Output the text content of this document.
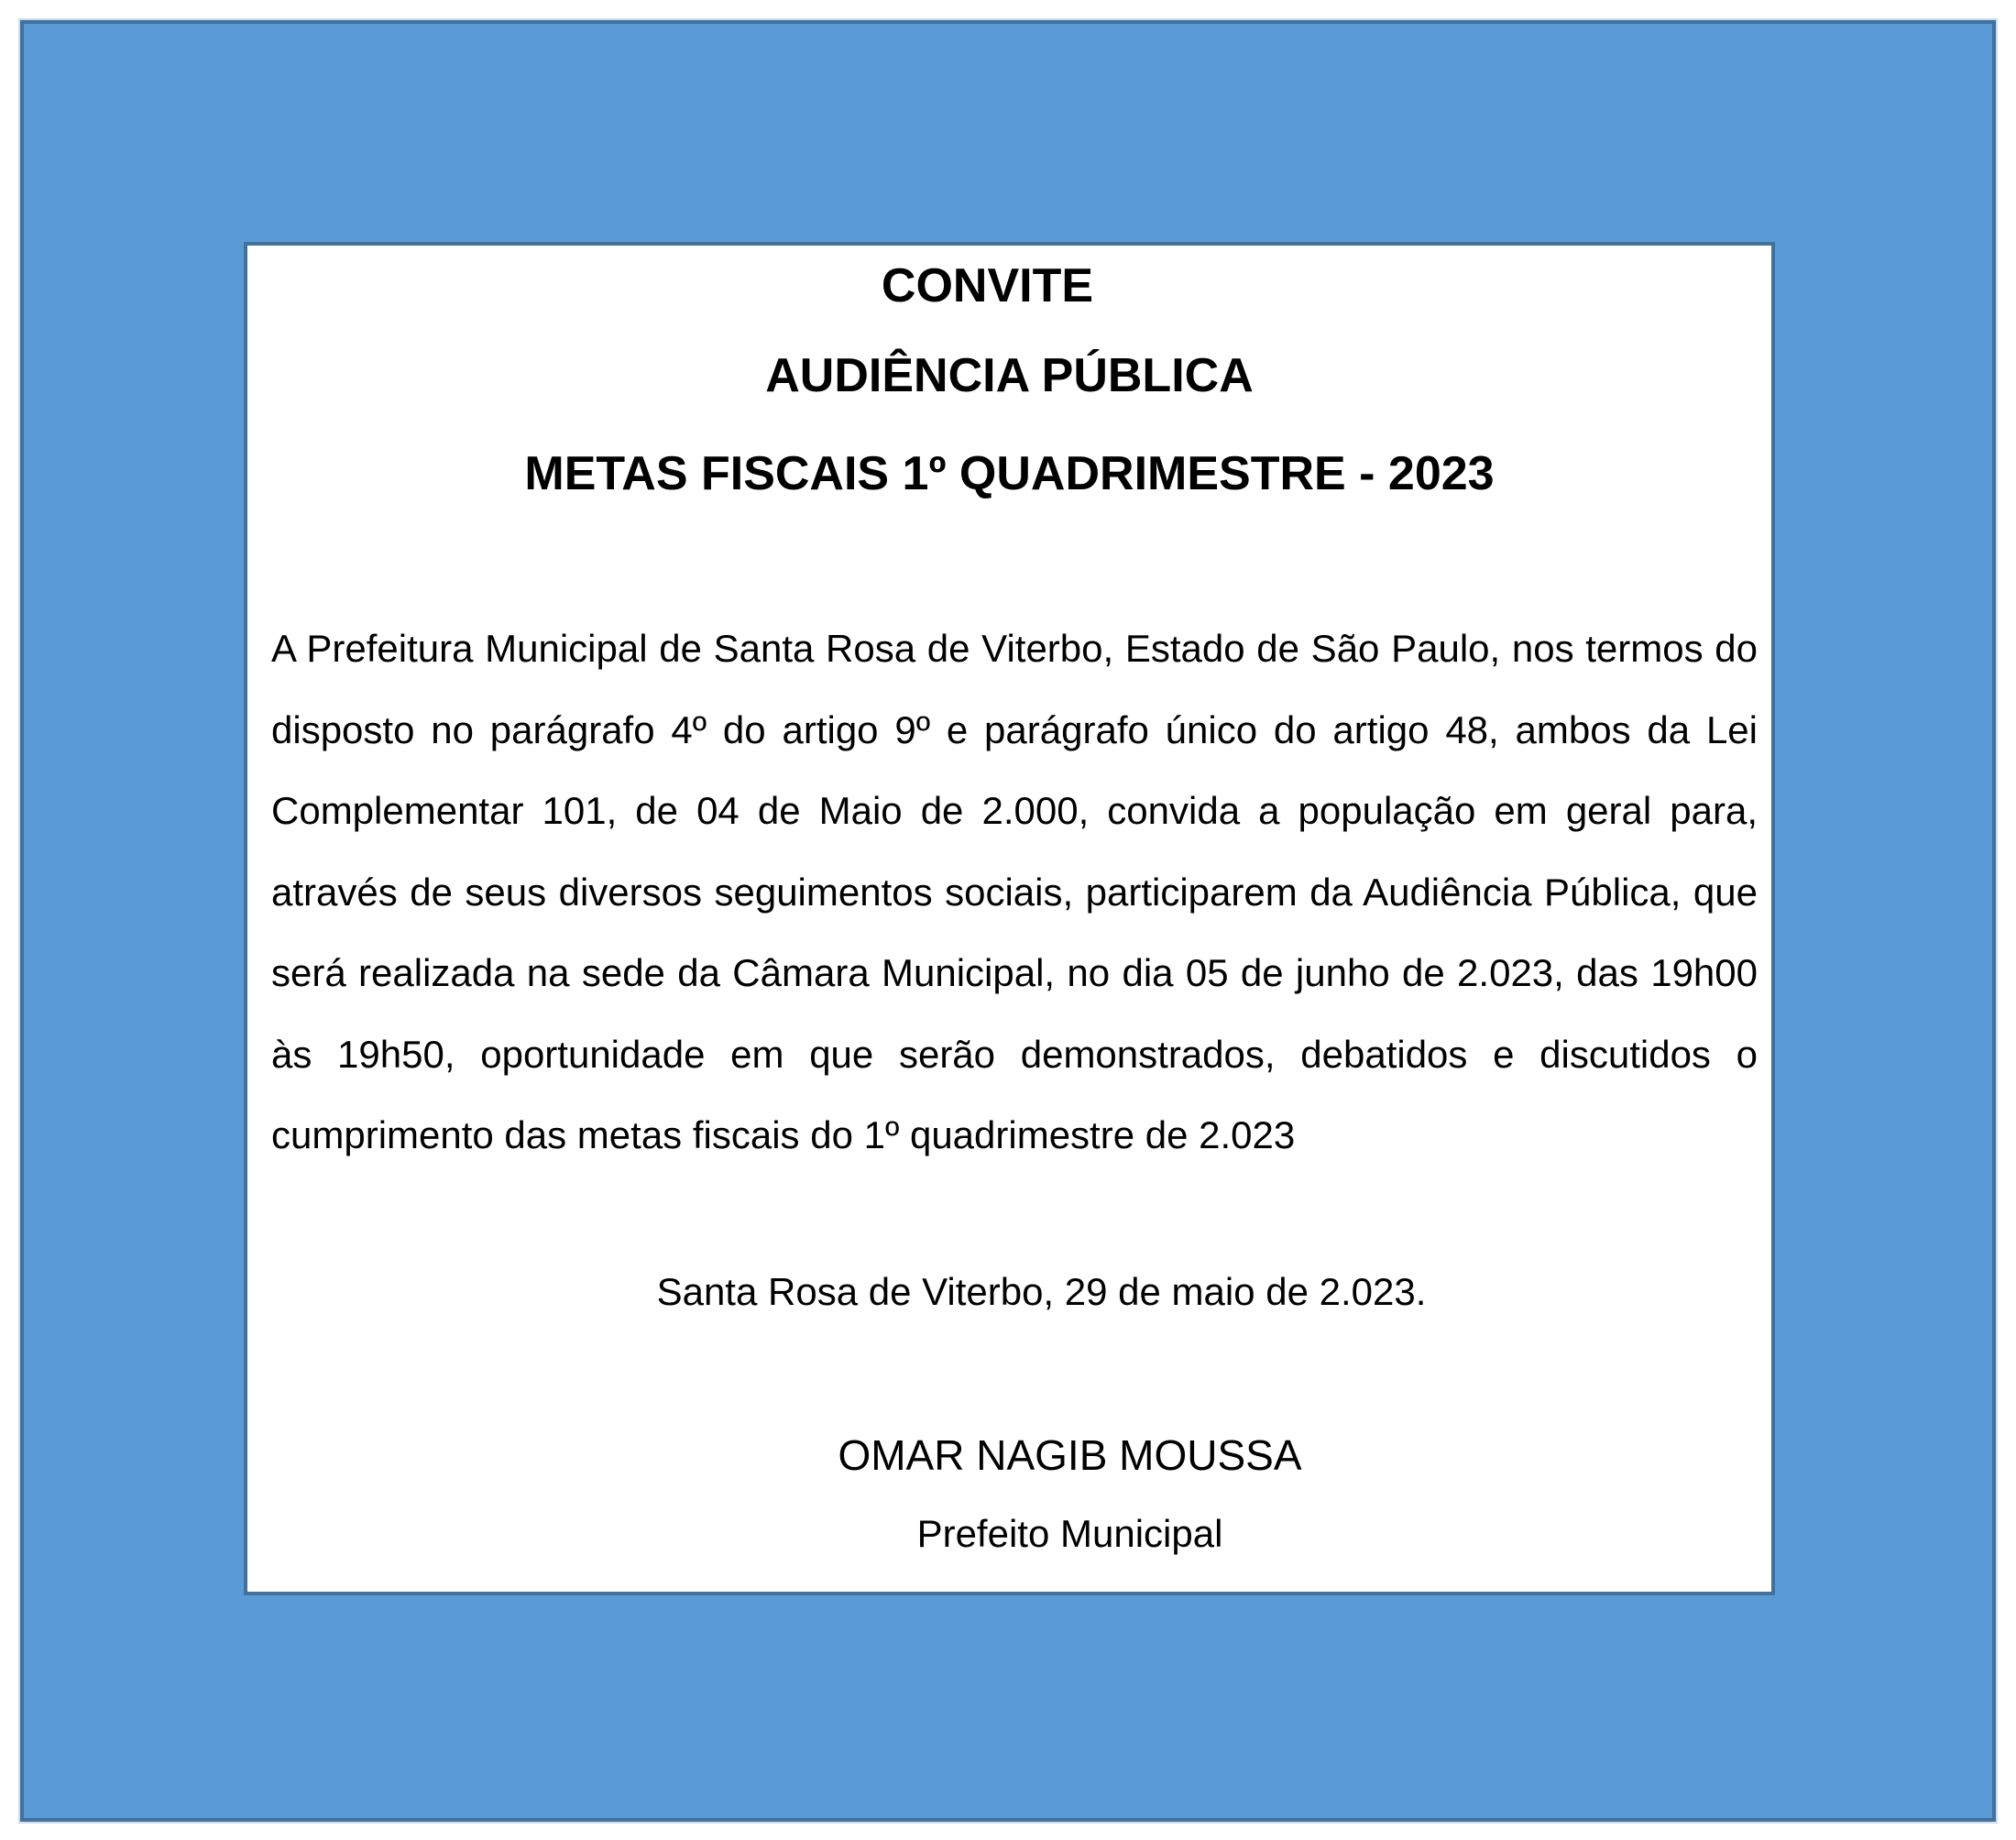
CONVITE
AUDIÊNCIA PÚBLICA
METAS FISCAIS 1º QUADRIMESTRE - 2023
A Prefeitura Municipal de Santa Rosa de Viterbo, Estado de São Paulo, nos termos do
disposto no parágrafo 4º do artigo 9º e parágrafo único do artigo 48, ambos da Lei
Complementar 101, de 04 de Maio de 2.000, convida a população em geral para,
através de seus diversos seguimentos sociais, participarem da Audiência Pública, que
será realizada na sede da Câmara Municipal, no dia 05 de junho de 2.023, das 19h00
às 19h50, oportunidade em que serão demonstrados, debatidos e discutidos o
cumprimento das metas fiscais do 1º quadrimestre de 2.023
Santa Rosa de Viterbo, 29 de maio de 2.023.
OMAR NAGIB MOUSSA
Prefeito Municipal
